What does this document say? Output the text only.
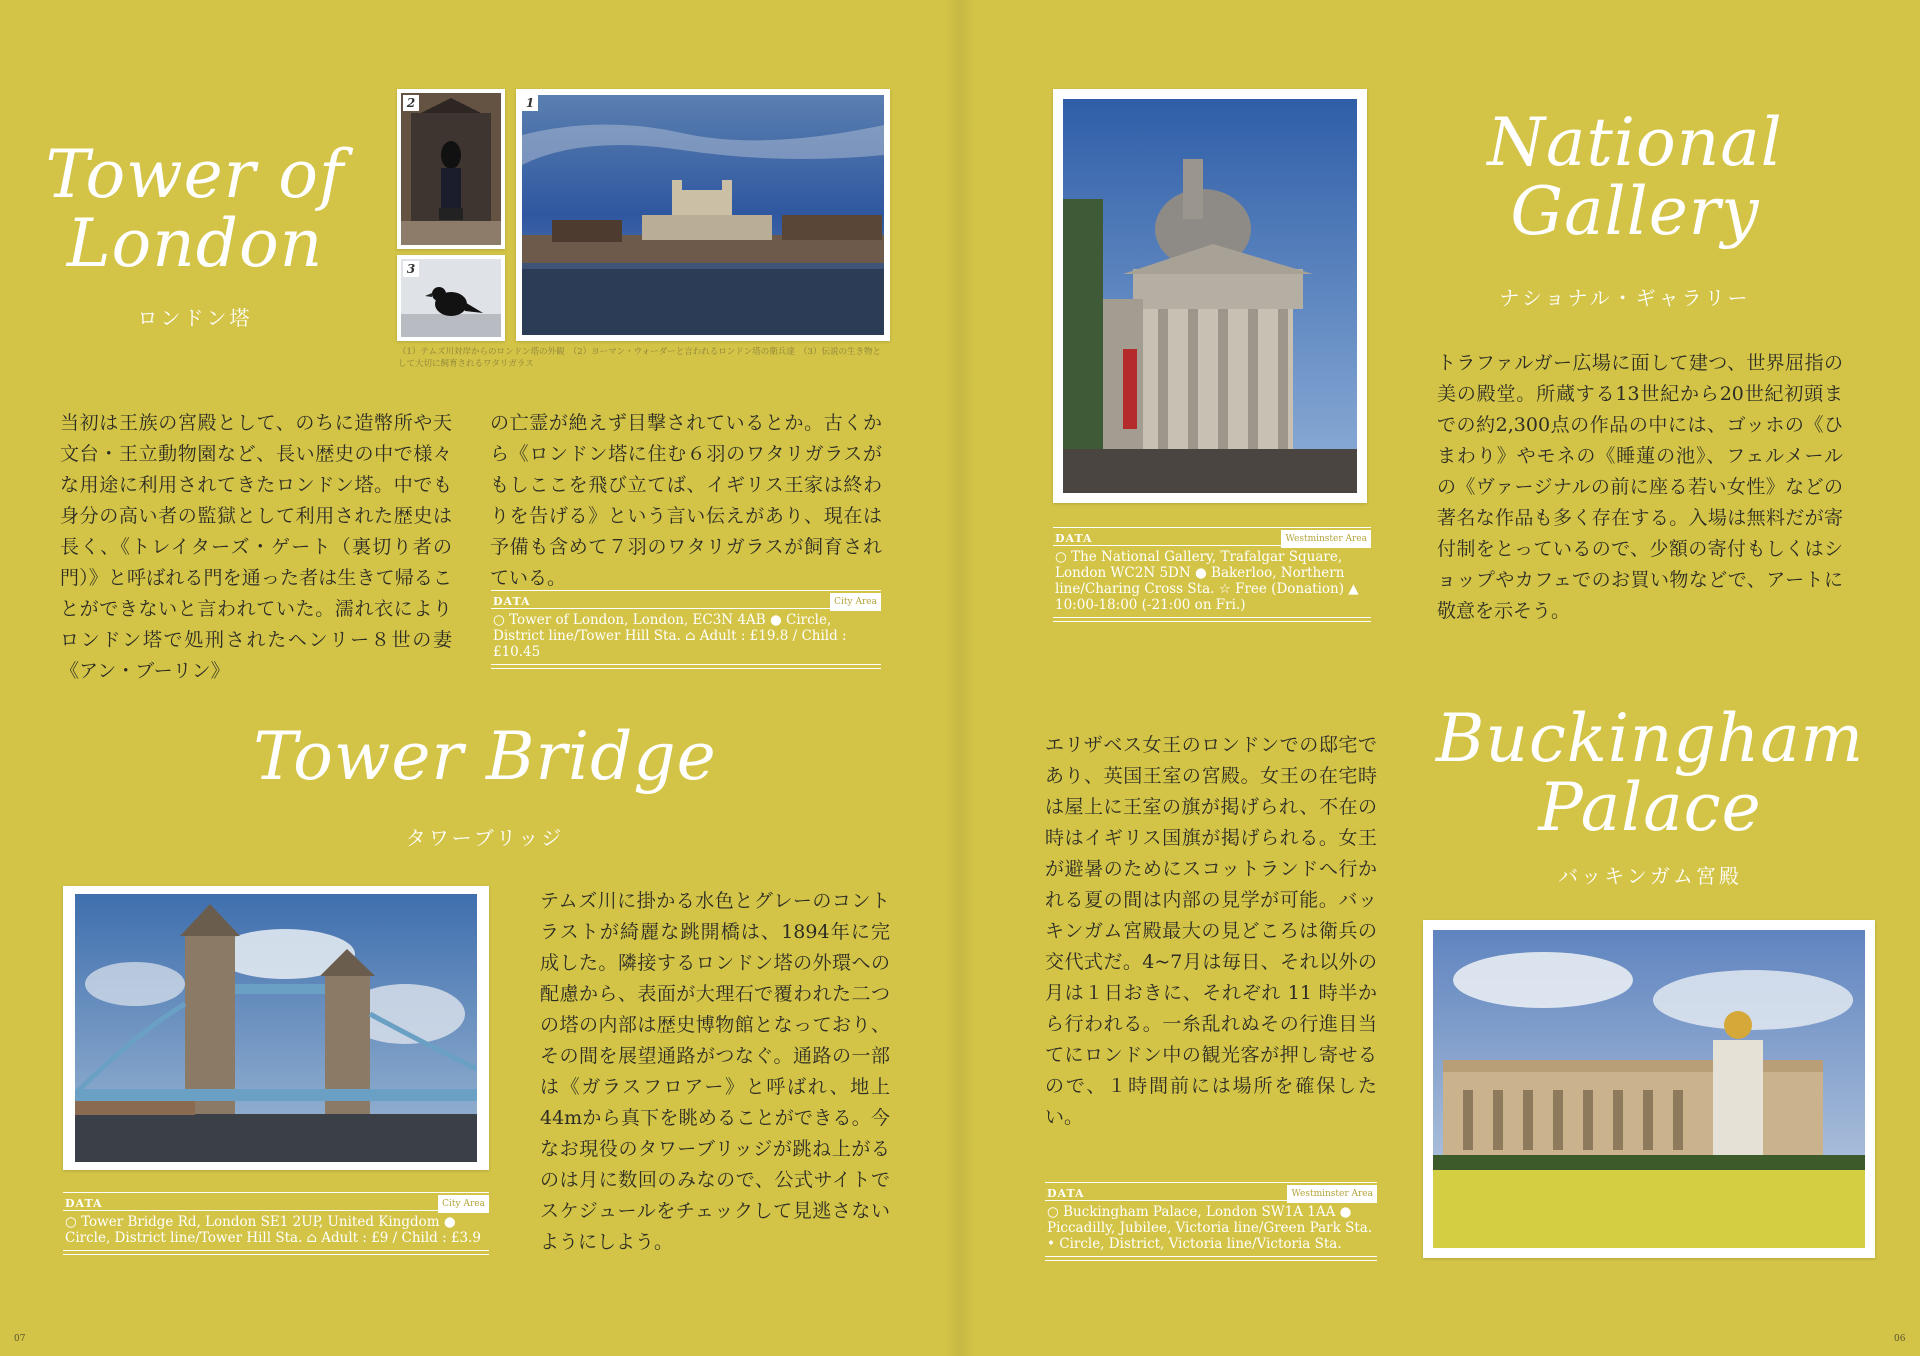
Tower of
London
ロンドン塔
2
3
1
（1）テムズ川対岸からのロンドン塔の外観　（2）ヨーマン・ウォーダーと言われるロンドン塔の衛兵達　（3）伝説の生き物として大切に飼育されるワタリガラス
当初は王族の宮殿として、のちに造幣所や天文台・王立動物園など、長い歴史の中で様々な用途に利用されてきたロンドン塔。中でも身分の高い者の監獄として利用された歴史は長く、《トレイターズ・ゲート（裏切り者の門）》と呼ばれる門を通った者は生きて帰ることができないと言われていた。濡れ衣によりロンドン塔で処刑されたヘンリー８世の妻《アン・ブーリン》
の亡霊が絶えず目撃されているとか。古くから《ロンドン塔に住む６羽のワタリガラスがもしここを飛び立てば、イギリス王家は終わりを告げる》という言い伝えがあり、現在は予備も含めて７羽のワタリガラスが飼育されている。
DATA	City Area
○ Tower of London, London, EC3N 4AB ● Circle, District line/Tower Hill Sta. ⌂ Adult : £19.8 / Child : £10.45
Tower Bridge
タワーブリッジ
DATA	City Area
○ Tower Bridge Rd, London SE1 2UP, United Kingdom ● Circle, District line/Tower Hill Sta. ⌂ Adult : £9 / Child : £3.9
テムズ川に掛かる水色とグレーのコントラストが綺麗な跳開橋は、1894年に完成した。隣接するロンドン塔の外環への配慮から、表面が大理石で覆われた二つの塔の内部は歴史博物館となっており、その間を展望通路がつなぐ。通路の一部は《ガラスフロアー》と呼ばれ、地上44mから真下を眺めることができる。今なお現役のタワーブリッジが跳ね上がるのは月に数回のみなので、公式サイトでスケジュールをチェックして見逃さないようにしよう。
07
DATA	Westminster Area
○ The National Gallery, Trafalgar Square, London WC2N 5DN ● Bakerloo, Northern line/Charing Cross Sta. ☆ Free (Donation) ▲ 10:00-18:00 (-21:00 on Fri.)
National
Gallery
ナショナル・ギャラリー
トラファルガー広場に面して建つ、世界屈指の美の殿堂。所蔵する13世紀から20世紀初頭までの約2,300点の作品の中には、ゴッホの《ひまわり》やモネの《睡蓮の池》、フェルメールの《ヴァージナルの前に座る若い女性》などの著名な作品も多く存在する。入場は無料だが寄付制をとっているので、少額の寄付もしくはショップやカフェでのお買い物などで、アートに敬意を示そう。
エリザベス女王のロンドンでの邸宅であり、英国王室の宮殿。女王の在宅時は屋上に王室の旗が掲げられ、不在の時はイギリス国旗が掲げられる。女王が避暑のためにスコットランドへ行かれる夏の間は内部の見学が可能。バッキンガム宮殿最大の見どころは衛兵の交代式だ。4~7月は毎日、それ以外の月は１日おきに、それぞれ 11 時半から行われる。一糸乱れぬその行進目当てにロンドン中の観光客が押し寄せるので、１時間前には場所を確保したい。
DATA	Westminster Area
○ Buckingham Palace, London SW1A 1AA ● Piccadilly, Jubilee, Victoria line/Green Park Sta. • Circle, District, Victoria line/Victoria Sta.
Buckingham
Palace
バッキンガム宮殿
06
